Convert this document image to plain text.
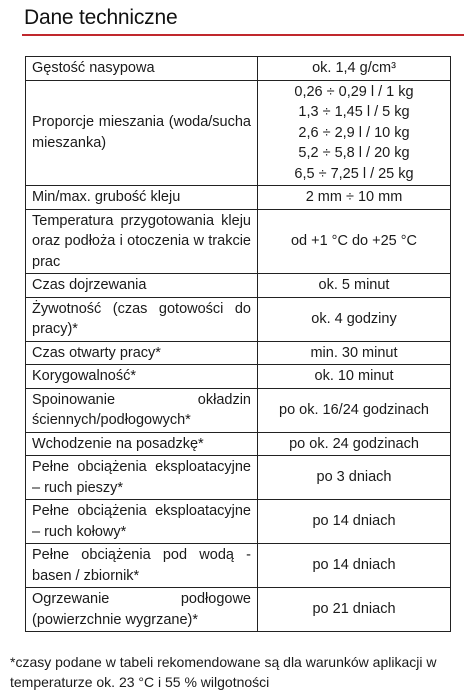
Dane techniczne
Gęstość nasypowa	ok. 1,4 g/cm³

Proporcje mieszania (woda/sucha mieszanka)	0,26 ÷ 0,29 l / 1 kg
1,3 ÷ 1,45 l / 5 kg
2,6 ÷ 2,9 l / 10 kg
5,2 ÷ 5,8 l / 20 kg
6,5 ÷ 7,25 l / 25 kg

Min/max. grubość kleju	2 mm ÷ 10 mm

Temperatura przygotowania kleju oraz podłoża i otoczenia w trakcie prac	od +1 °C do +25 °C

Czas dojrzewania	ok. 5 minut

Żywotność (czas gotowości do pracy)*	ok. 4 godziny

Czas otwarty pracy*	min. 30 minut

Korygowalność*	ok. 10 minut

Spoinowanie okładzin ściennych/podłogowych*	po ok. 16/24 godzinach

Wchodzenie na posadzkę*	po ok. 24 godzinach

Pełne obciążenia eksploatacyjne – ruch pieszy*	po 3 dniach

Pełne obciążenia eksploatacyjne – ruch kołowy*	po 14 dniach

Pełne obciążenia pod wodą - basen / zbiornik*	po 14 dniach

Ogrzewanie podłogowe (powierzchnie wygrzane)*	po 21 dniach
*czasy podane w tabeli rekomendowane są dla warunków aplikacji w temperaturze ok. 23 °C i 55 % wilgotności
